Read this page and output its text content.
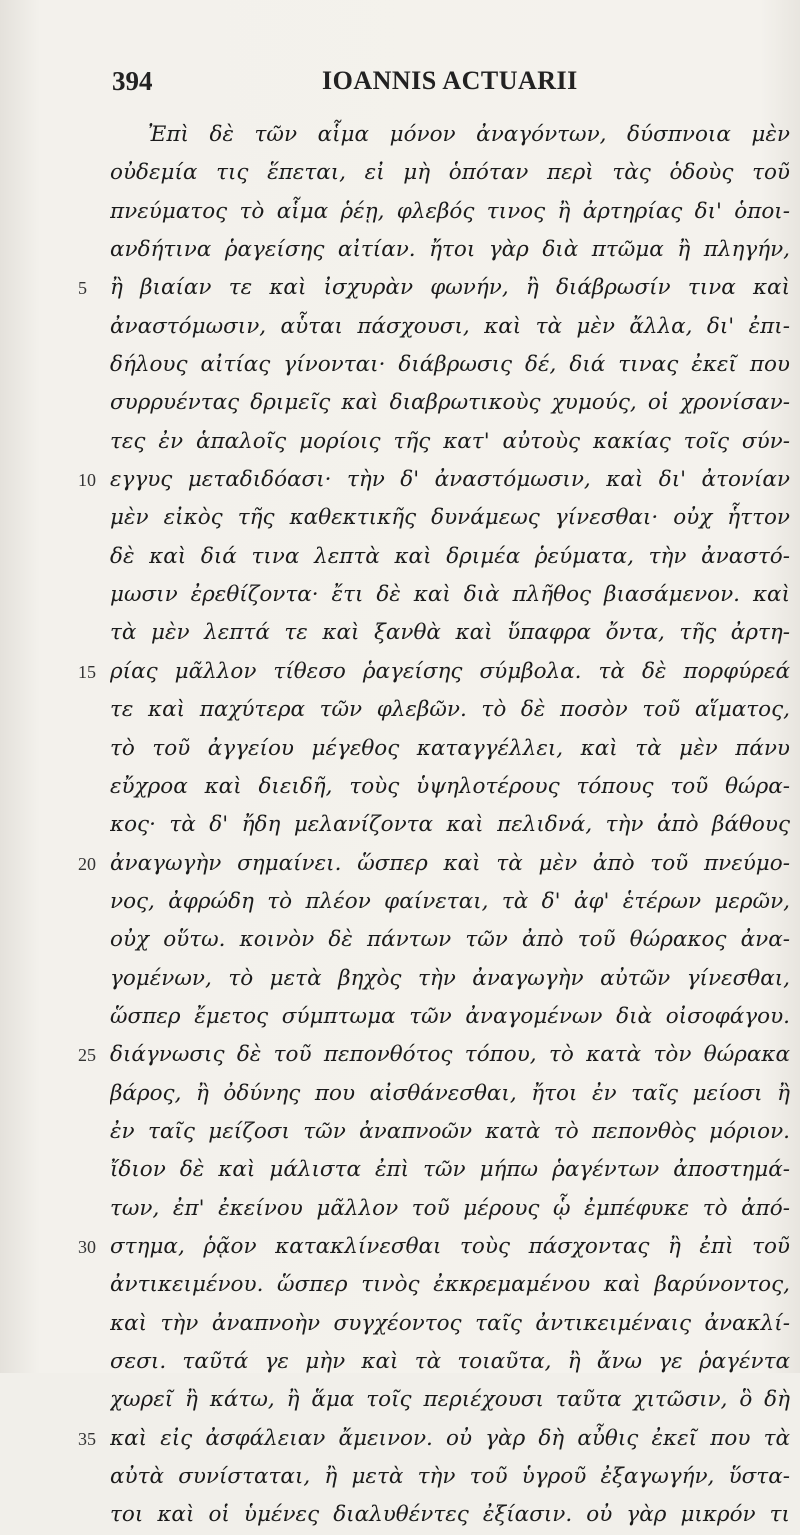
394	IOANNIS ACTUARII
Ἐπὶ δὲ τῶν αἷμα μόνον ἀναγόντων, δύσπνοια μὲν
οὐδεμία τις ἕπεται, εἰ μὴ ὁπόταν περὶ τὰς ὁδοὺς τοῦ
πνεύματος τὸ αἷμα ῥέῃ, φλεβός τινος ἢ ἀρτηρίας δι' ὁποι-
ανδήτινα ῥαγείσης αἰτίαν. ἤτοι γὰρ διὰ πτῶμα ἢ πληγήν,
5	ἢ βιαίαν τε καὶ ἰσχυρὰν φωνήν, ἢ διάβρωσίν τινα καὶ
ἀναστόμωσιν, αὗται πάσχουσι, καὶ τὰ μὲν ἄλλα, δι' ἐπι-
δήλους αἰτίας γίνονται· διάβρωσις δέ, διά τινας ἐκεῖ που
συρρυέντας δριμεῖς καὶ διαβρωτικοὺς χυμούς, οἱ χρονίσαν-
τες ἐν ἁπαλοῖς μορίοις τῆς κατ' αὐτοὺς κακίας τοῖς σύν-
10 εγγυς μεταδιδόασι· τὴν δ' ἀναστόμωσιν, καὶ δι' ἀτονίαν
μὲν εἰκὸς τῆς καθεκτικῆς δυνάμεως γίνεσθαι· οὐχ ἧττον
δὲ καὶ διά τινα λεπτὰ καὶ δριμέα ῥεύματα, τὴν ἀναστό-
μωσιν ἐρεθίζοντα· ἔτι δὲ καὶ διὰ πλῆθος βιασάμενον. καὶ
τὰ μὲν λεπτά τε καὶ ξανθὰ καὶ ὕπαφρα ὄντα, τῆς ἀρτη-
15 ρίας μᾶλλον τίθεσο ῥαγείσης σύμβολα. τὰ δὲ πορφύρεά
τε καὶ παχύτερα τῶν φλεβῶν. τὸ δὲ ποσὸν τοῦ αἵματος,
τὸ τοῦ ἀγγείου μέγεθος καταγγέλλει, καὶ τὰ μὲν πάνυ
εὔχροα καὶ διειδῆ, τοὺς ὑψηλοτέρους τόπους τοῦ θώρα-
κος· τὰ δ' ἤδη μελανίζοντα καὶ πελιδνά, τὴν ἀπὸ βάθους
20 ἀναγωγὴν σημαίνει. ὥσπερ καὶ τὰ μὲν ἀπὸ τοῦ πνεύμο-
νος, ἀφρώδη τὸ πλέον φαίνεται, τὰ δ' ἀφ' ἑτέρων μερῶν,
οὐχ οὕτω. κοινὸν δὲ πάντων τῶν ἀπὸ τοῦ θώρακος ἀνα-
γομένων, τὸ μετὰ βηχὸς τὴν ἀναγωγὴν αὐτῶν γίνεσθαι,
ὥσπερ ἔμετος σύμπτωμα τῶν ἀναγομένων διὰ οἰσοφάγου.
25 διάγνωσις δὲ τοῦ πεπονθότος τόπου, τὸ κατὰ τὸν θώρακα
βάρος, ἢ ὀδύνης που αἰσθάνεσθαι, ἤτοι ἐν ταῖς μείοσι ἢ
ἐν ταῖς μείζοσι τῶν ἀναπνοῶν κατὰ τὸ πεπονθὸς μόριον.
ἴδιον δὲ καὶ μάλιστα ἐπὶ τῶν μήπω ῥαγέντων ἀποστημά-
των, ἐπ' ἐκείνου μᾶλλον τοῦ μέρους ᾧ ἐμπέφυκε τὸ ἀπό-
30 στημα, ῥᾷον κατακλίνεσθαι τοὺς πάσχοντας ἢ ἐπὶ τοῦ
ἀντικειμένου. ὥσπερ τινὸς ἐκκρεμαμένου καὶ βαρύνοντος,
καὶ τὴν ἀναπνοὴν συγχέοντος ταῖς ἀντικειμέναις ἀνακλί-
σεσι. ταῦτά γε μὴν καὶ τὰ τοιαῦτα, ἢ ἄνω γε ῥαγέντα
χωρεῖ ἢ κάτω, ἢ ἅμα τοῖς περιέχουσι ταῦτα χιτῶσιν, ὃ δὴ
35 καὶ εἰς ἀσφάλειαν ἄμεινον. οὐ γὰρ δὴ αὖθις ἐκεῖ που τὰ
αὐτὰ συνίσταται, ἢ μετὰ τὴν τοῦ ὑγροῦ ἐξαγωγήν, ὕστα-
τοι καὶ οἱ ὑμένες διαλυθέντες ἐξίασιν. οὐ γὰρ μικρόν τι
